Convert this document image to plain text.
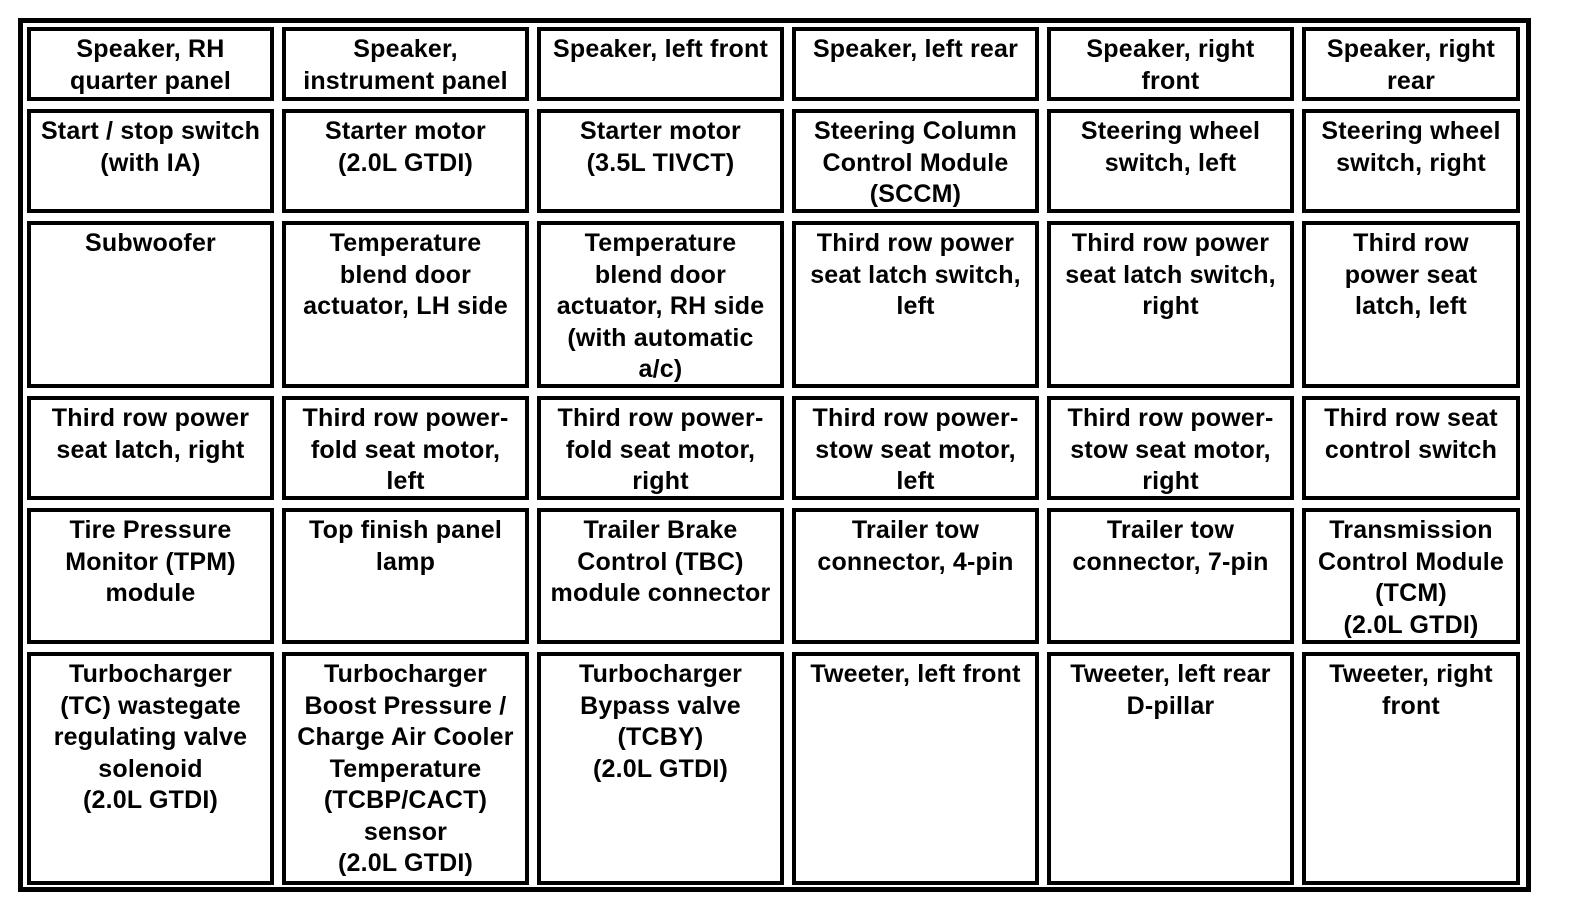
Speaker, RH
quarter panel
Speaker,
instrument panel
Speaker, left front Speaker, left rear	Speaker, right
front
Speaker, right
rear
Start / stop switch
(with IA)
Starter motor
(2.0L GTDI)
Starter motor
(3.5L TIVCT)
Steering Column
Control Module
(SCCM)
Steering wheel
switch, left
Steering wheel
switch, right
Subwoofer	Temperature
blend door
actuator, LH side
Temperature
blend door
actuator, RH side
(with automatic
a/c)
Third row power
seat latch switch,
left
Third row power
seat latch switch,
right
Third row
power seat
latch, left
Third row power
seat latch, right
Third row power-
fold seat motor,
left
Third row power-
fold seat motor,
right
Third row power-
stow seat motor,
left
Third row power-
stow seat motor,
right
Third row seat
control switch
Tire Pressure
Monitor (TPM)
module
Top finish panel
lamp
Trailer Brake
Control (TBC)
module connector
Trailer tow
connector, 4-pin
Trailer tow
connector, 7-pin
Transmission
Control Module
(TCM)
(2.0L GTDI)
Turbocharger
(TC) wastegate
regulating valve
solenoid
(2.0L GTDI)
Turbocharger
Boost Pressure /
Charge Air Cooler
Temperature
(TCBP/CACT)
sensor
(2.0L GTDI)
Turbocharger
Bypass valve
(TCBY)
(2.0L GTDI)
Tweeter, left front Tweeter, left rear
D-pillar
Tweeter, right
front
